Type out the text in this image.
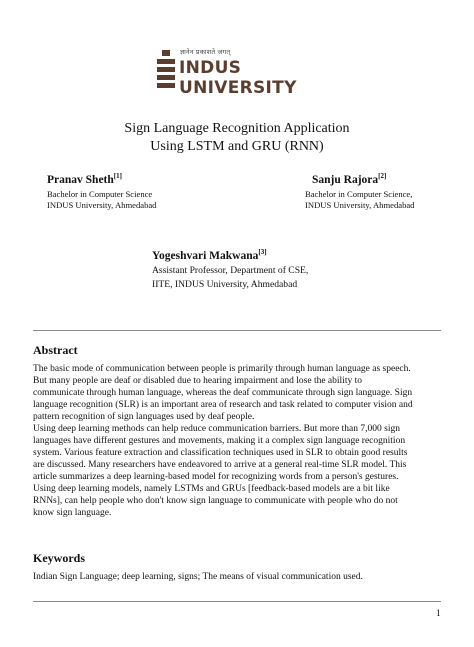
ज्ञानेन प्रकाशते जगत्
INDUS
UNIVERSITY
Sign Language Recognition Application
Using LSTM and GRU (RNN)
Pranav Sheth[1]
Bachelor in Computer Science
INDUS University, Ahmedabad
Sanju Rajora[2]
Bachelor in Computer Science,
INDUS University, Ahmedabad
Yogeshvari Makwana[3]
Assistant Professor, Department of CSE,
IITE, INDUS University, Ahmedabad
Abstract
The basic mode of communication between people is primarily through human language as speech.
But many people are deaf or disabled due to hearing impairment and lose the ability to
communicate through human language, whereas the deaf communicate through sign language. Sign
language recognition (SLR) is an important area of research and task related to computer vision and
pattern recognition of sign languages used by deaf people.
Using deep learning methods can help reduce communication barriers. But more than 7,000 sign
languages have different gestures and movements, making it a complex sign language recognition
system. Various feature extraction and classification techniques used in SLR to obtain good results
are discussed. Many researchers have endeavored to arrive at a general real-time SLR model. This
article summarizes a deep learning-based model for recognizing words from a person's gestures.
Using deep learning models, namely LSTMs and GRUs [feedback-based models are a bit like
RNNs], can help people who don't know sign language to communicate with people who do not
know sign language.
Keywords
Indian Sign Language; deep learning, signs; The means of visual communication used.
1
